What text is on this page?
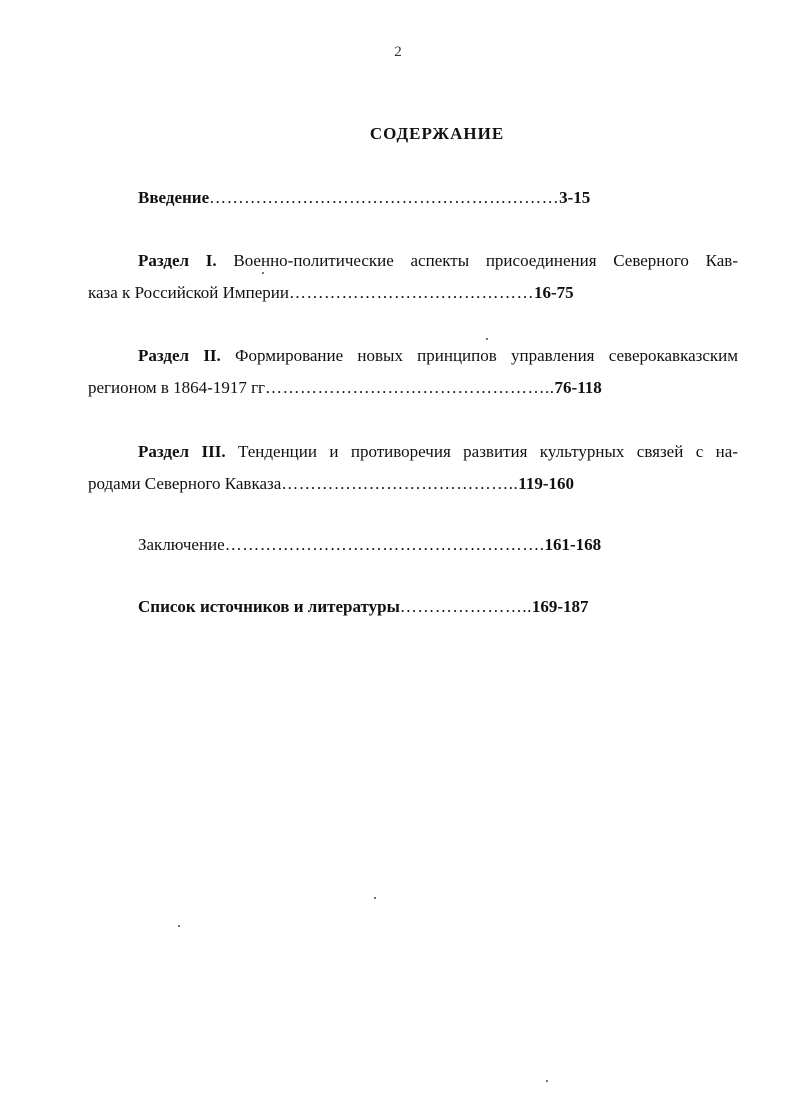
2
СОДЕРЖАНИЕ
Введение……………………………………………………3-15
Раздел I. Военно-политические аспекты присоединения Северного Кав-
каза к Российской Империи……………………………………16-75
Раздел II. Формирование новых принципов управления северокавказским
регионом в 1864-1917 гг…………………………………………..76-118
Раздел III. Тенденции и противоречия развития культурных связей с на-
родами Северного Кавказа…………………………………..119-160
Заключение……………………………………………….161-168
Список источников и литературы…………………..169-187
